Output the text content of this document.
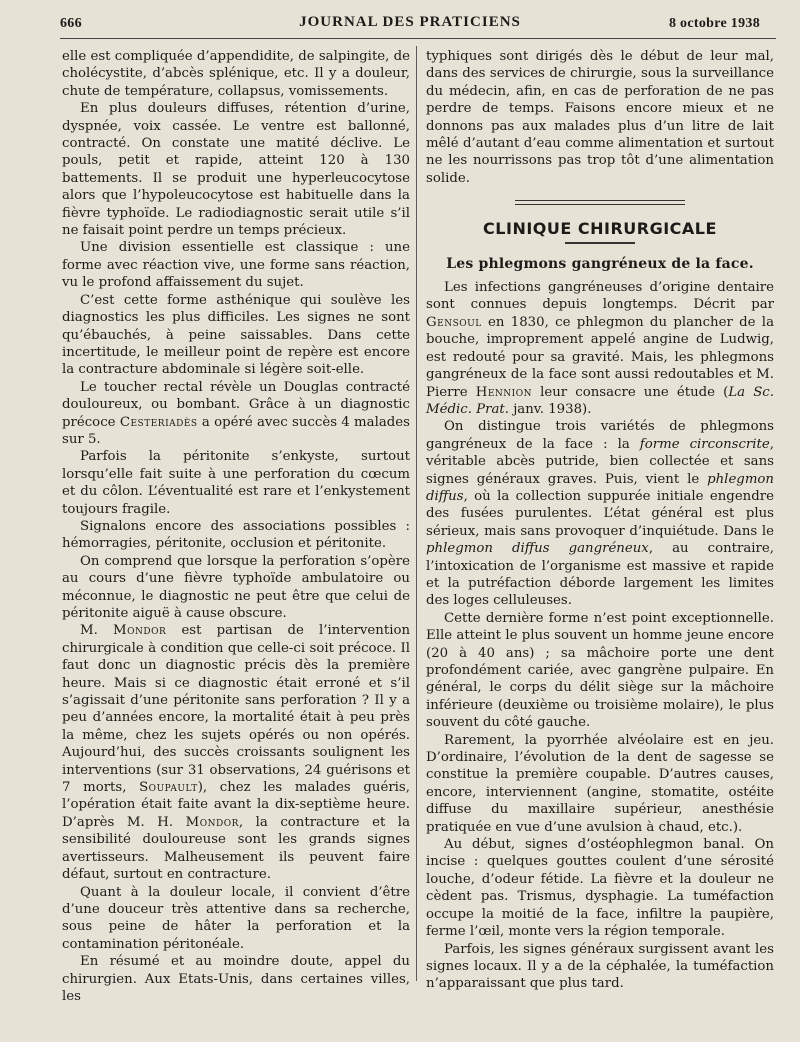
666	JOURNAL DES PRATICIENS	8 octobre 1938

elle est compliquée d’appendidite, de salpingite, de cholécystite, d’abcès splénique, etc. Il y a douleur, chute de température, collapsus, vomissements.

En plus douleurs diffuses, rétention d’urine, dyspnée, voix cassée. Le ventre est ballonné, contracté. On constate une matité déclive. Le pouls, petit et rapide, atteint 120 à 130 battements. Il se produit une hyperleucocytose alors que l’hypoleucocytose est habituelle dans la fièvre typhoïde. Le radiodiagnostic serait utile s’il ne faisait point perdre un temps précieux.

Une division essentielle est classique : une forme avec réaction vive, une forme sans réaction, vu le profond affaissement du sujet.

C’est cette forme asthénique qui soulève les diagnostics les plus difficiles. Les signes ne sont qu’ébauchés, à peine saissables. Dans cette incertitude, le meilleur point de repère est encore la contracture abdominale si légère soit-elle.

Le toucher rectal révèle un Douglas contracté douloureux, ou bombant. Grâce à un diagnostic précoce Cesteriadès a opéré avec succès 4 malades sur 5.

Parfois la péritonite s’enkyste, surtout lorsqu’elle fait suite à une perforation du cœcum et du côlon. L’éventualité est rare et l’enkystement toujours fragile.

Signalons encore des associations possibles : hémorragies, péritonite, occlusion et péritonite.

On comprend que lorsque la perforation s’opère au cours d’une fièvre typhoïde ambulatoire ou méconnue, le diagnostic ne peut être que celui de péritonite aiguë à cause obscure.

M. Mondor est partisan de l’intervention chirurgicale à condition que celle-ci soit précoce. Il faut donc un diagnostic précis dès la première heure. Mais si ce diagnostic était erroné et s’il s’agissait d’une péritonite sans perforation ? Il y a peu d’années encore, la mortalité était à peu près la même, chez les sujets opérés ou non opérés. Aujourd’hui, des succès croissants soulignent les interventions (sur 31 observations, 24 guérisons et 7 morts, Soupault), chez les malades guéris, l’opération était faite avant la dix-septième heure. D’après M. H. Mondor, la contracture et la sensibilité douloureuse sont les grands signes avertisseurs. Malheusement ils peuvent faire défaut, surtout en contracture.

Quant à la douleur locale, il convient d’être d’une douceur très attentive dans sa recherche, sous peine de hâter la perforation et la contamination péritonéale.

En résumé et au moindre doute, appel du chirurgien. Aux Etats-Unis, dans certaines villes, les

typhiques sont dirigés dès le début de leur mal, dans des services de chirurgie, sous la surveillance du médecin, afin, en cas de perforation de ne pas perdre de temps. Faisons encore mieux et ne donnons pas aux malades plus d’un litre de lait mêlé d’autant d’eau comme alimentation et surtout ne les nourrissons pas trop tôt d’une alimentation solide.

CLINIQUE CHIRURGICALE
Les phlegmons gangréneux de la face.

Les infections gangréneuses d’origine dentaire sont connues depuis longtemps. Décrit par Gensoul en 1830, ce phlegmon du plancher de la bouche, improprement appelé angine de Ludwig, est redouté pour sa gravité. Mais, les phlegmons gangréneux de la face sont aussi redoutables et M. Pierre Hennion leur consacre une étude (La Sc. Médic. Prat. janv. 1938).

On distingue trois variétés de phlegmons gangréneux de la face : la forme circonscrite, véritable abcès putride, bien collectée et sans signes généraux graves. Puis, vient le phlegmon diffus, où la collection suppurée initiale engendre des fusées purulentes. L’état général est plus sérieux, mais sans provoquer d’inquiétude. Dans le phlegmon diffus gangréneux, au contraire, l’intoxication de l’organisme est massive et rapide et la putréfaction déborde largement les limites des loges celluleuses.

Cette dernière forme n’est point exceptionnelle. Elle atteint le plus souvent un homme jeune encore (20 à 40 ans) ; sa mâchoire porte une dent profondément cariée, avec gangrène pulpaire. En général, le corps du délit siège sur la mâchoire inférieure (deuxième ou troisième molaire), le plus souvent du côté gauche.

Rarement, la pyorrhée alvéolaire est en jeu. D’ordinaire, l’évolution de la dent de sagesse se constitue la première coupable. D’autres causes, encore, interviennent (angine, stomatite, ostéite diffuse du maxillaire supérieur, anesthésie pratiquée en vue d’une avulsion à chaud, etc.).

Au début, signes d’ostéophlegmon banal. On incise : quelques gouttes coulent d’une sérosité louche, d’odeur fétide. La fièvre et la douleur ne cèdent pas. Trismus, dysphagie. La tuméfaction occupe la moitié de la face, infiltre la paupière, ferme l’œil, monte vers la région temporale.

Parfois, les signes généraux surgissent avant les signes locaux. Il y a de la céphalée, la tuméfaction n’apparaissant que plus tard.
